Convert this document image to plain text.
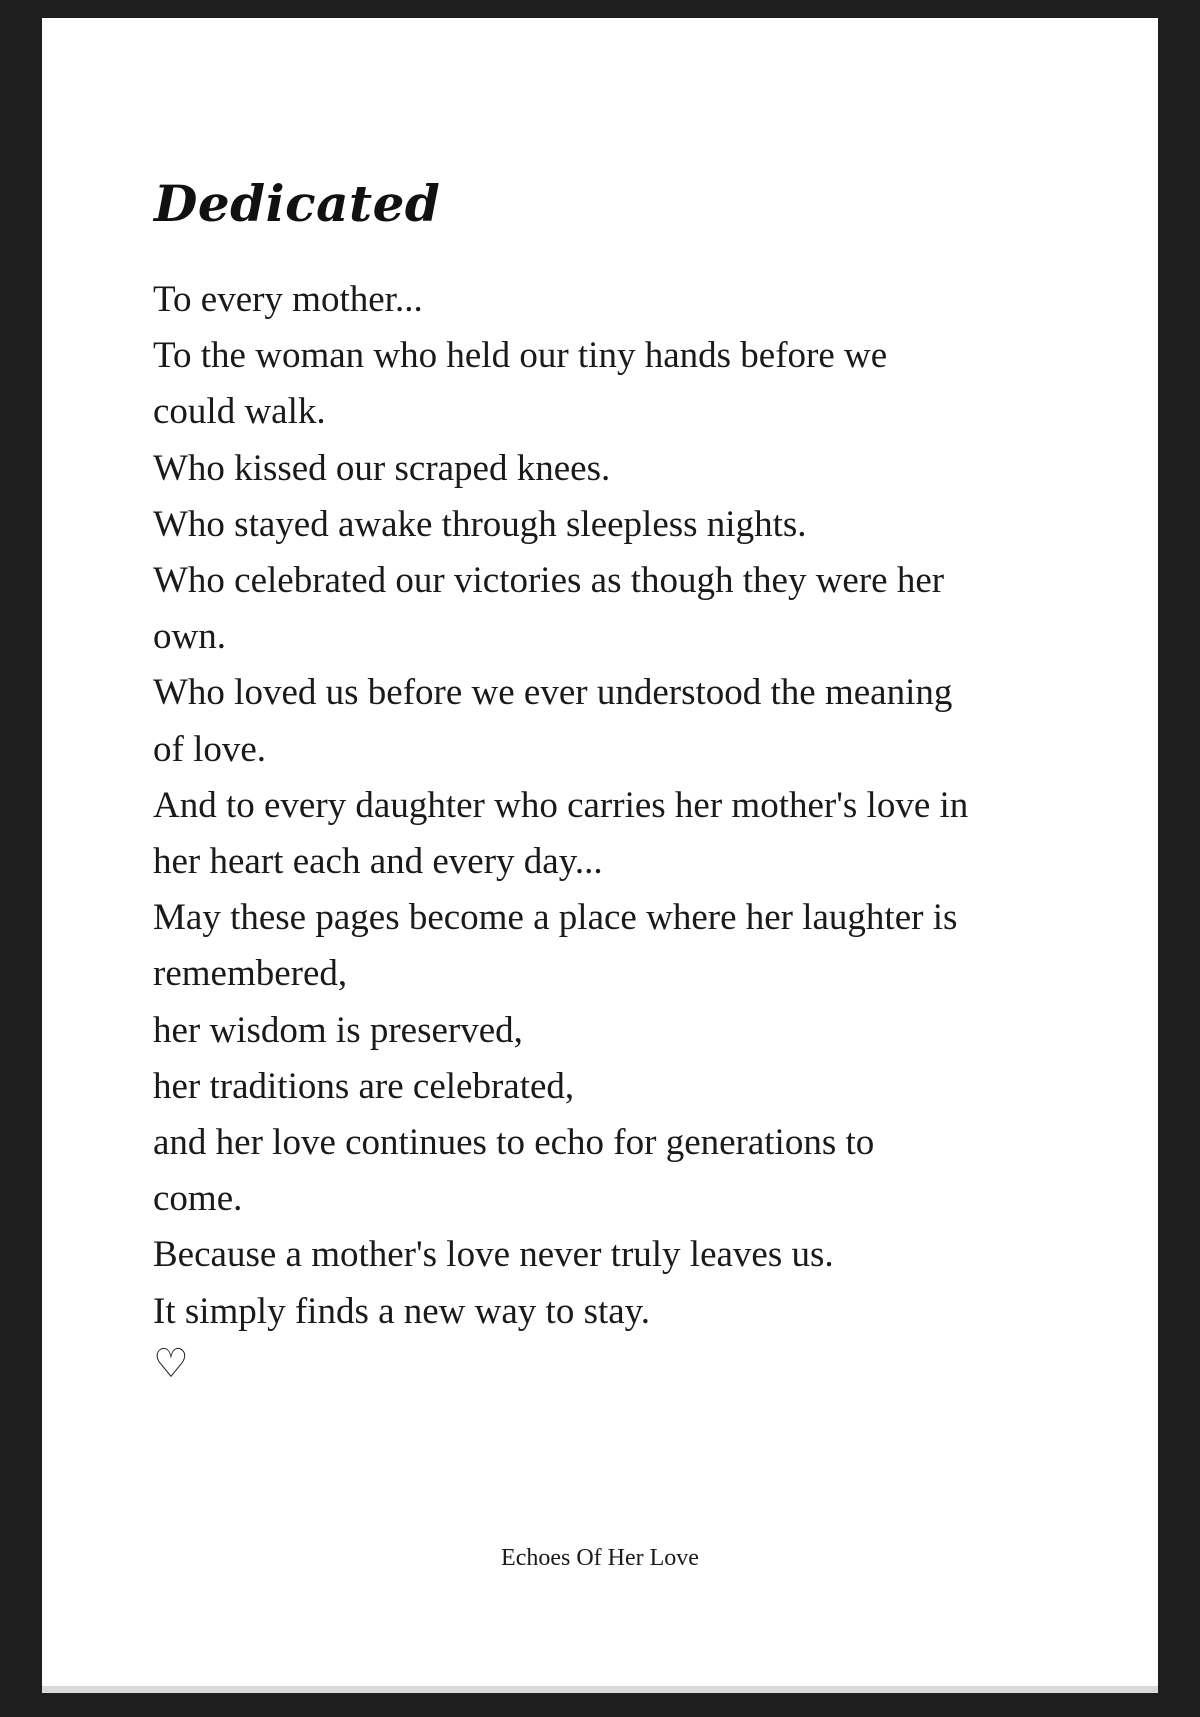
Dedicated
To every mother...
To the woman who held our tiny hands before we
could walk.
Who kissed our scraped knees.
Who stayed awake through sleepless nights.
Who celebrated our victories as though they were her
own.
Who loved us before we ever understood the meaning
of love.
And to every daughter who carries her mother's love in
her heart each and every day...
May these pages become a place where her laughter is
remembered,
her wisdom is preserved,
her traditions are celebrated,
and her love continues to echo for generations to
come.
Because a mother's love never truly leaves us.
It simply finds a new way to stay.
♡
Echoes Of Her Love
